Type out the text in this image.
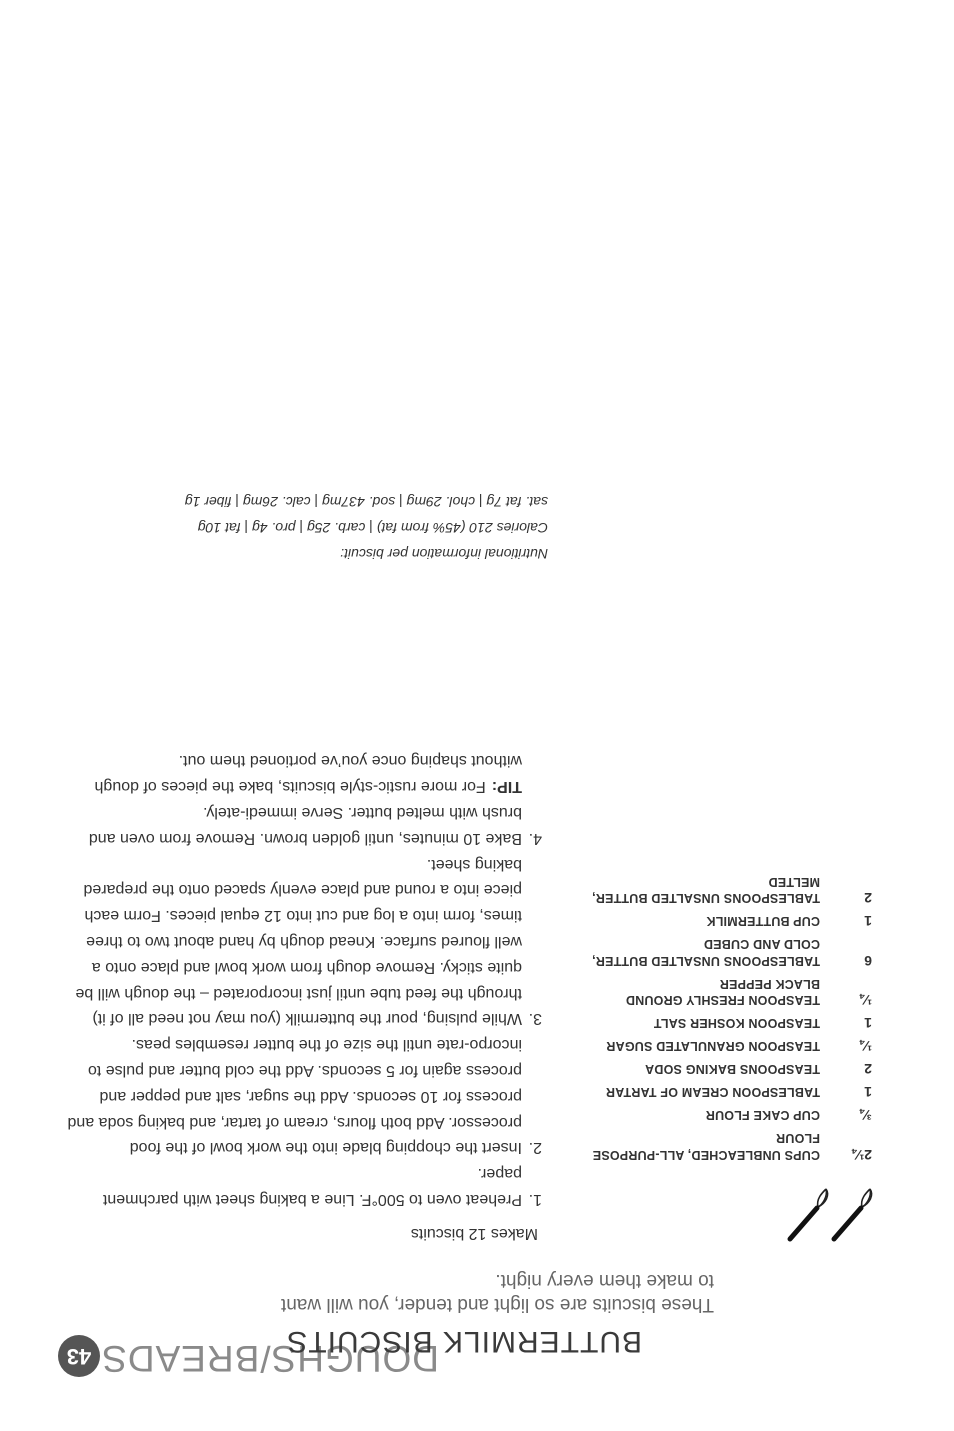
DOUGHS/BREADS
43	BUTTERMILK BISCUITS
These biscuits are so light and tender, you will want to make them every night.
Makes 12 biscuits
1.
Preheat oven to 500°F. Line a baking sheet with parchment paper.
2.
Insert the chopping blade into the work bowl of the food processor. Add both flours, cream of tartar, and baking soda and process for 10 seconds. Add the sugar, salt and pepper and process again for 5 seconds. Add the cold butter and pulse to incorpo-rate until the size of the butter resembles peas.
3.
While pulsing, pour the buttermilk (you may not need all of it) through the feed tube until just incorporated – the dough will be quite sticky. Remove dough from work bowl and place onto a well floured surface. Knead dough by hand about two to three times, form into a log and cut into 12 equal pieces. Form each piece into a round and place evenly spaced onto the prepared baking sheet.
4.
Bake 10 minutes, until golden brown. Remove from oven and brush with melted butter. Serve immedi-ately.
TIP:For more rustic-style biscuits, bake the pieces of dough without shaping once you’ve portioned them out.
Nutritional information per biscuit:
Calories 210 (45% from fat) | carb. 25g | pro. 4g | fat 10g
sat. fat 7g | chol. 29mg | sod. 437mg | calc. 26mg | fiber 1g
2¼
CUPS UNBLEACHED, ALL-PURPOSE FLOUR
¾
CUP CAKE FLOUR
1
TABLESPOON CREAM OF TARTAR
2
TEASPOONS BAKING SODA
¼
TEASPOON GRANULATED SUGAR
1
TEASPOON KOSHER SALT
¼
TEASPOON FRESHLY GROUND BLACK PEPPER
6
TABLESPOONS UNSALTED BUTTER, COLD AND CUBED
1
CUP BUTTERMILK
2
TABLESPOONS UNSALTED BUTTER, MELTED
